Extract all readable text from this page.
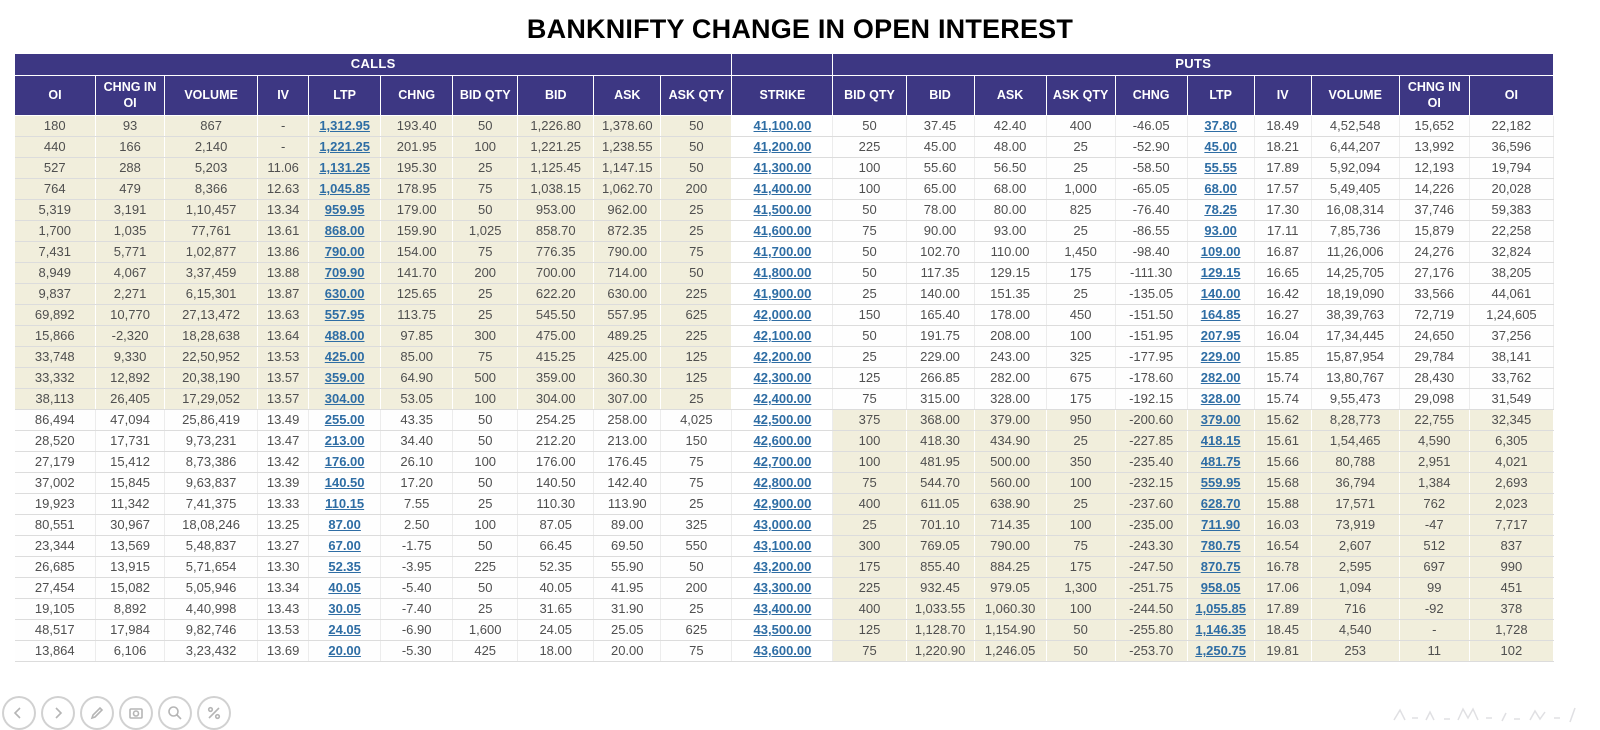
BANKNIFTY CHANGE IN OPEN INTEREST
CALLS											PUTS									
OI	CHNG IN OI	VOLUME	IV	LTP	CHNG	BID QTY	BID	ASK	ASK QTY	STRIKE	BID QTY	BID	ASK	ASK QTY	CHNG	LTP	IV	VOLUME	CHNG IN OI	OI
180	93	867	-	1,312.95	193.40	50	1,226.80	1,378.60	50	41,100.00	50	37.45	42.40	400	-46.05	37.80	18.49	4,52,548	15,652	22,182
440	166	2,140	-	1,221.25	201.95	100	1,221.25	1,238.55	50	41,200.00	225	45.00	48.00	25	-52.90	45.00	18.21	6,44,207	13,992	36,596
527	288	5,203	11.06	1,131.25	195.30	25	1,125.45	1,147.15	50	41,300.00	100	55.60	56.50	25	-58.50	55.55	17.89	5,92,094	12,193	19,794
764	479	8,366	12.63	1,045.85	178.95	75	1,038.15	1,062.70	200	41,400.00	100	65.00	68.00	1,000	-65.05	68.00	17.57	5,49,405	14,226	20,028
5,319	3,191	1,10,457	13.34	959.95	179.00	50	953.00	962.00	25	41,500.00	50	78.00	80.00	825	-76.40	78.25	17.30	16,08,314	37,746	59,383
1,700	1,035	77,761	13.61	868.00	159.90	1,025	858.70	872.35	25	41,600.00	75	90.00	93.00	25	-86.55	93.00	17.11	7,85,736	15,879	22,258
7,431	5,771	1,02,877	13.86	790.00	154.00	75	776.35	790.00	75	41,700.00	50	102.70	110.00	1,450	-98.40	109.00	16.87	11,26,006	24,276	32,824
8,949	4,067	3,37,459	13.88	709.90	141.70	200	700.00	714.00	50	41,800.00	50	117.35	129.15	175	-111.30	129.15	16.65	14,25,705	27,176	38,205
9,837	2,271	6,15,301	13.87	630.00	125.65	25	622.20	630.00	225	41,900.00	25	140.00	151.35	25	-135.05	140.00	16.42	18,19,090	33,566	44,061
69,892	10,770	27,13,472	13.63	557.95	113.75	25	545.50	557.95	625	42,000.00	150	165.40	178.00	450	-151.50	164.85	16.27	38,39,763	72,719	1,24,605
15,866	-2,320	18,28,638	13.64	488.00	97.85	300	475.00	489.25	225	42,100.00	50	191.75	208.00	100	-151.95	207.95	16.04	17,34,445	24,650	37,256
33,748	9,330	22,50,952	13.53	425.00	85.00	75	415.25	425.00	125	42,200.00	25	229.00	243.00	325	-177.95	229.00	15.85	15,87,954	29,784	38,141
33,332	12,892	20,38,190	13.57	359.00	64.90	500	359.00	360.30	125	42,300.00	125	266.85	282.00	675	-178.60	282.00	15.74	13,80,767	28,430	33,762
38,113	26,405	17,29,052	13.57	304.00	53.05	100	304.00	307.00	25	42,400.00	75	315.00	328.00	175	-192.15	328.00	15.74	9,55,473	29,098	31,549
86,494	47,094	25,86,419	13.49	255.00	43.35	50	254.25	258.00	4,025	42,500.00	375	368.00	379.00	950	-200.60	379.00	15.62	8,28,773	22,755	32,345
28,520	17,731	9,73,231	13.47	213.00	34.40	50	212.20	213.00	150	42,600.00	100	418.30	434.90	25	-227.85	418.15	15.61	1,54,465	4,590	6,305
27,179	15,412	8,73,386	13.42	176.00	26.10	100	176.00	176.45	75	42,700.00	100	481.95	500.00	350	-235.40	481.75	15.66	80,788	2,951	4,021
37,002	15,845	9,63,837	13.39	140.50	17.20	50	140.50	142.40	75	42,800.00	75	544.70	560.00	100	-232.15	559.95	15.68	36,794	1,384	2,693
19,923	11,342	7,41,375	13.33	110.15	7.55	25	110.30	113.90	25	42,900.00	400	611.05	638.90	25	-237.60	628.70	15.88	17,571	762	2,023
80,551	30,967	18,08,246	13.25	87.00	2.50	100	87.05	89.00	325	43,000.00	25	701.10	714.35	100	-235.00	711.90	16.03	73,919	-47	7,717
23,344	13,569	5,48,837	13.27	67.00	-1.75	50	66.45	69.50	550	43,100.00	300	769.05	790.00	75	-243.30	780.75	16.54	2,607	512	837
26,685	13,915	5,71,654	13.30	52.35	-3.95	225	52.35	55.90	50	43,200.00	175	855.40	884.25	175	-247.50	870.75	16.78	2,595	697	990
27,454	15,082	5,05,946	13.34	40.05	-5.40	50	40.05	41.95	200	43,300.00	225	932.45	979.05	1,300	-251.75	958.05	17.06	1,094	99	451
19,105	8,892	4,40,998	13.43	30.05	-7.40	25	31.65	31.90	25	43,400.00	400	1,033.55	1,060.30	100	-244.50	1,055.85	17.89	716	-92	378
48,517	17,984	9,82,746	13.53	24.05	-6.90	1,600	24.05	25.05	625	43,500.00	125	1,128.70	1,154.90	50	-255.80	1,146.35	18.45	4,540	-	1,728
13,864	6,106	3,23,432	13.69	20.00	-5.30	425	18.00	20.00	75	43,600.00	75	1,220.90	1,246.05	50	-253.70	1,250.75	19.81	253	11	102
